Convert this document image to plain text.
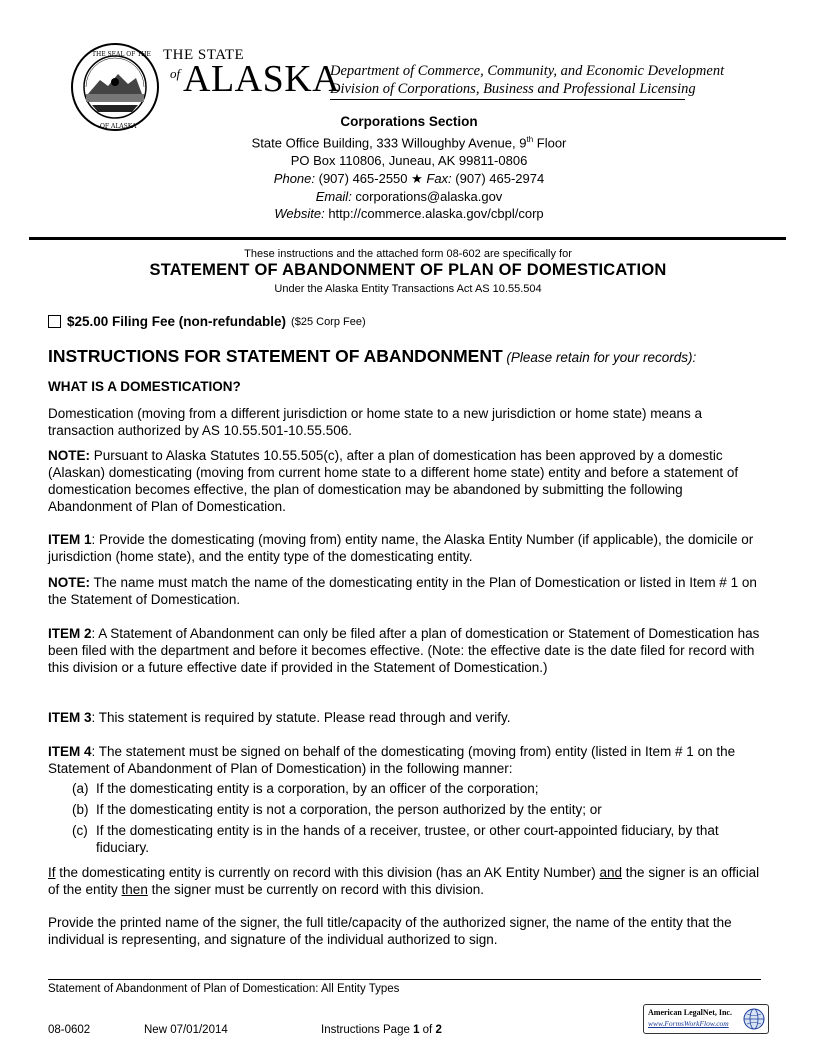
THE SEAL OF THE
OF ALASKA
THE STATE
of ALASKA
Department of Commerce, Community, and Economic Development
Division of Corporations, Business and Professional Licensing
Corporations Section
State Office Building, 333 Willoughby Avenue, 9th Floor
PO Box 110806, Juneau, AK 99811-0806
Phone: (907) 465-2550 ★ Fax: (907) 465-2974
Email: corporations@alaska.gov
Website: http://commerce.alaska.gov/cbpl/corp
These instructions and the attached form 08-602 are specifically for
STATEMENT OF ABANDONMENT OF PLAN OF DOMESTICATION
Under the Alaska Entity Transactions Act AS 10.55.504
$25.00 Filing Fee (non-refundable) ($25 Corp Fee)
INSTRUCTIONS FOR STATEMENT OF ABANDONMENT (Please retain for your records):
WHAT IS A DOMESTICATION?
Domestication (moving from a different jurisdiction or home state to a new jurisdiction or home state) means a transaction authorized by AS 10.55.501-10.55.506.
NOTE: Pursuant to Alaska Statutes 10.55.505(c), after a plan of domestication has been approved by a domestic (Alaskan) domesticating (moving from current home state to a different home state) entity and before a statement of domestication becomes effective, the plan of domestication may be abandoned by submitting the following Abandonment of Plan of Domestication.
ITEM 1: Provide the domesticating (moving from) entity name, the Alaska Entity Number (if applicable), the domicile or jurisdiction (home state), and the entity type of the domesticating entity.
NOTE: The name must match the name of the domesticating entity in the Plan of Domestication or listed in Item # 1 on the Statement of Domestication.
ITEM 2: A Statement of Abandonment can only be filed after a plan of domestication or Statement of Domestication has been filed with the department and before it becomes effective. (Note: the effective date is the date filed for record with this division or a future effective date if provided in the Statement of Domestication.)
ITEM 3: This statement is required by statute. Please read through and verify.
ITEM 4: The statement must be signed on behalf of the domesticating (moving from) entity (listed in Item # 1 on the Statement of Abandonment of Plan of Domestication) in the following manner:
(a) If the domesticating entity is a corporation, by an officer of the corporation;
(b) If the domesticating entity is not a corporation, the person authorized by the entity; or
(c) If the domesticating entity is in the hands of a receiver, trustee, or other court-appointed fiduciary, by that fiduciary.
If the domesticating entity is currently on record with this division (has an AK Entity Number) and the signer is an official of the entity then the signer must be currently on record with this division.
Provide the printed name of the signer, the full title/capacity of the authorized signer, the name of the entity that the individual is representing, and signature of the individual authorized to sign.
Statement of Abandonment of Plan of Domestication: All Entity Types
08-0602	New 07/01/2014	Instructions Page 1 of 2
American LegalNet, Inc.
www.FormsWorkFlow.com
